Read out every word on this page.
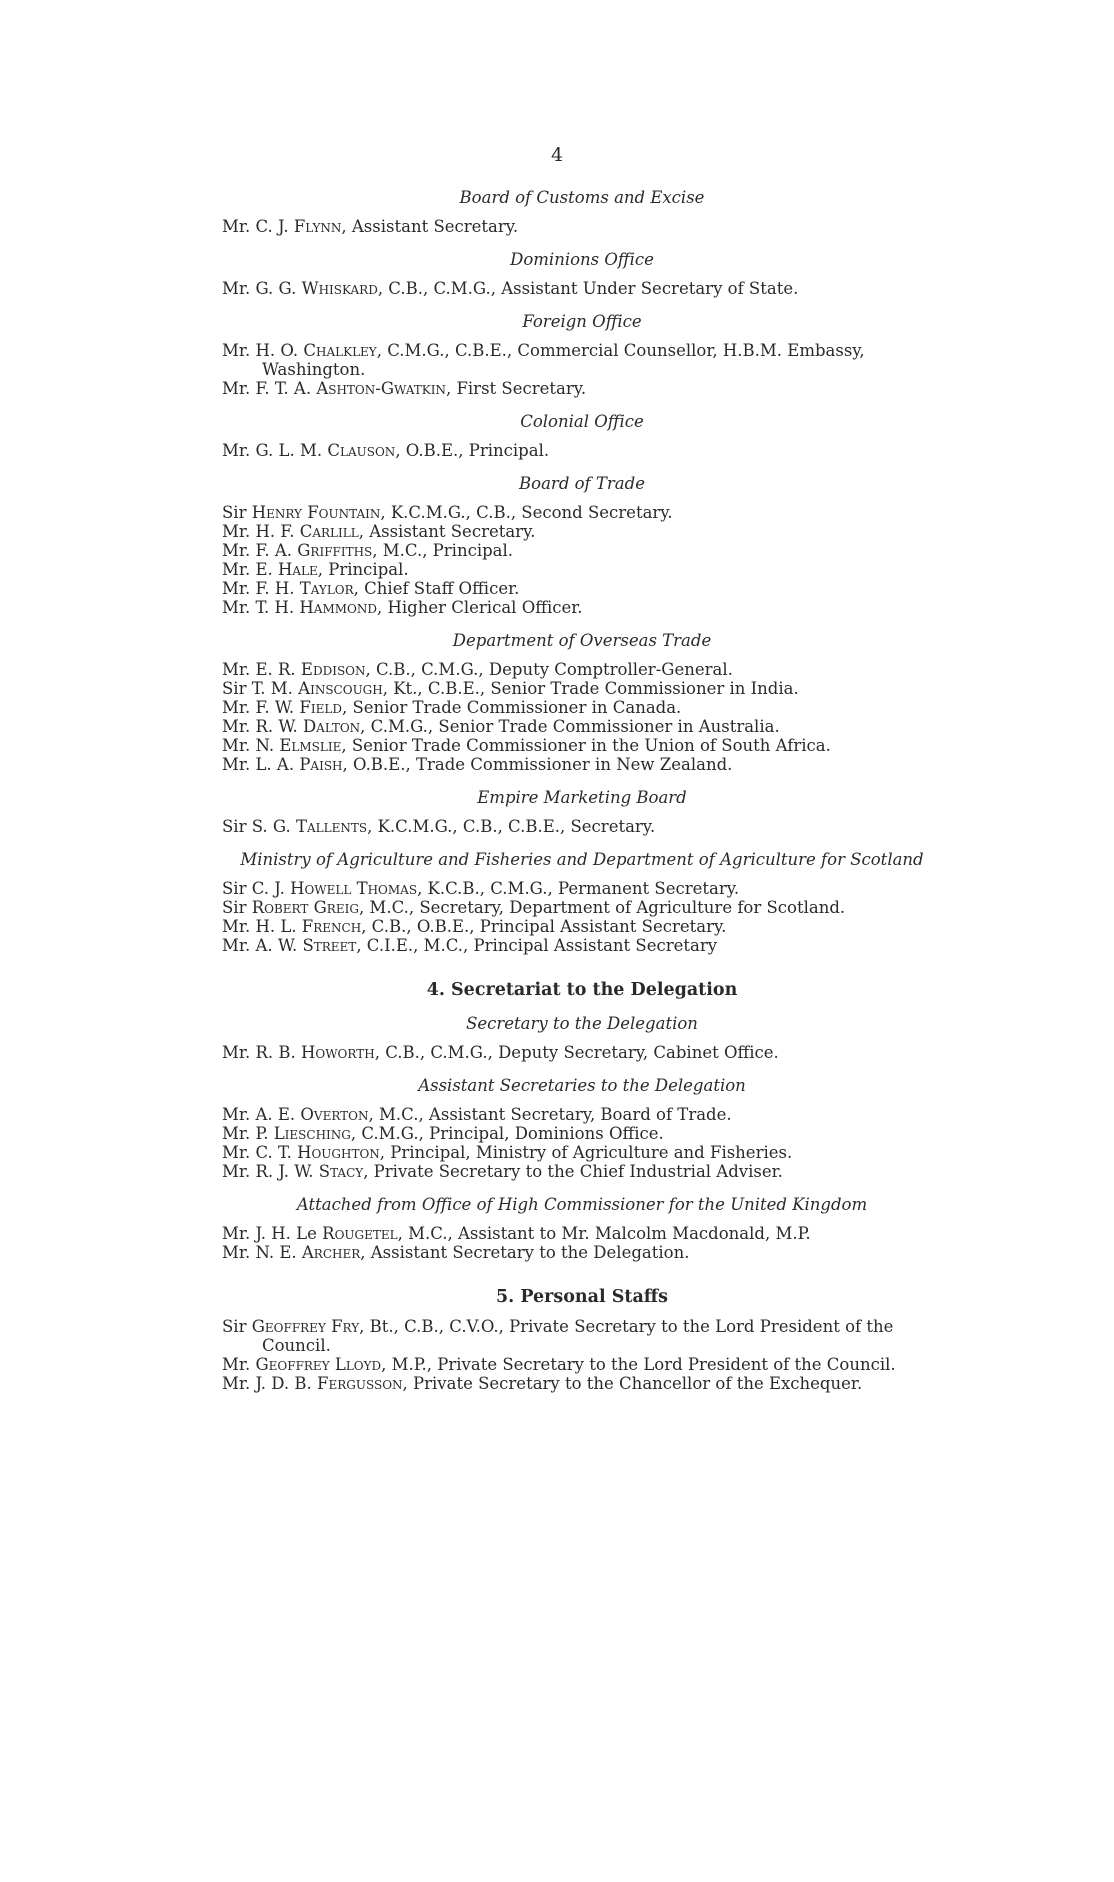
4

Board of Customs and Excise

Mr. C. J. Flynn, Assistant Secretary.

Dominions Office

Mr. G. G. Whiskard, C.B., C.M.G., Assistant Under Secretary of State.

Foreign Office

Mr. H. O. Chalkley, C.M.G., C.B.E., Commercial Counsellor, H.B.M. Embassy, Washington.

Mr. F. T. A. Ashton-Gwatkin, First Secretary.

Colonial Office

Mr. G. L. M. Clauson, O.B.E., Principal.

Board of Trade

Sir Henry Fountain, K.C.M.G., C.B., Second Secretary.

Mr. H. F. Carlill, Assistant Secretary.

Mr. F. A. Griffiths, M.C., Principal.

Mr. E. Hale, Principal.

Mr. F. H. Taylor, Chief Staff Officer.

Mr. T. H. Hammond, Higher Clerical Officer.

Department of Overseas Trade

Mr. E. R. Eddison, C.B., C.M.G., Deputy Comptroller-General.

Sir T. M. Ainscough, Kt., C.B.E., Senior Trade Commissioner in India.

Mr. F. W. Field, Senior Trade Commissioner in Canada.

Mr. R. W. Dalton, C.M.G., Senior Trade Commissioner in Australia.

Mr. N. Elmslie, Senior Trade Commissioner in the Union of South Africa.

Mr. L. A. Paish, O.B.E., Trade Commissioner in New Zealand.

Empire Marketing Board

Sir S. G. Tallents, K.C.M.G., C.B., C.B.E., Secretary.

Ministry of Agriculture and Fisheries and Department of Agriculture for Scotland

Sir C. J. Howell Thomas, K.C.B., C.M.G., Permanent Secretary.

Sir Robert Greig, M.C., Secretary, Department of Agriculture for Scotland.

Mr. H. L. French, C.B., O.B.E., Principal Assistant Secretary.

Mr. A. W. Street, C.I.E., M.C., Principal Assistant Secretary

4. Secretariat to the Delegation

Secretary to the Delegation

Mr. R. B. Howorth, C.B., C.M.G., Deputy Secretary, Cabinet Office.

Assistant Secretaries to the Delegation

Mr. A. E. Overton, M.C., Assistant Secretary, Board of Trade.

Mr. P. Liesching, C.M.G., Principal, Dominions Office.

Mr. C. T. Houghton, Principal, Ministry of Agriculture and Fisheries.

Mr. R. J. W. Stacy, Private Secretary to the Chief Industrial Adviser.

Attached from Office of High Commissioner for the United Kingdom

Mr. J. H. Le Rougetel, M.C., Assistant to Mr. Malcolm Macdonald, M.P.

Mr. N. E. Archer, Assistant Secretary to the Delegation.

5. Personal Staffs

Sir Geoffrey Fry, Bt., C.B., C.V.O., Private Secretary to the Lord President of the Council.

Mr. Geoffrey Lloyd, M.P., Private Secretary to the Lord President of the Council.

Mr. J. D. B. Fergusson, Private Secretary to the Chancellor of the Exchequer.
